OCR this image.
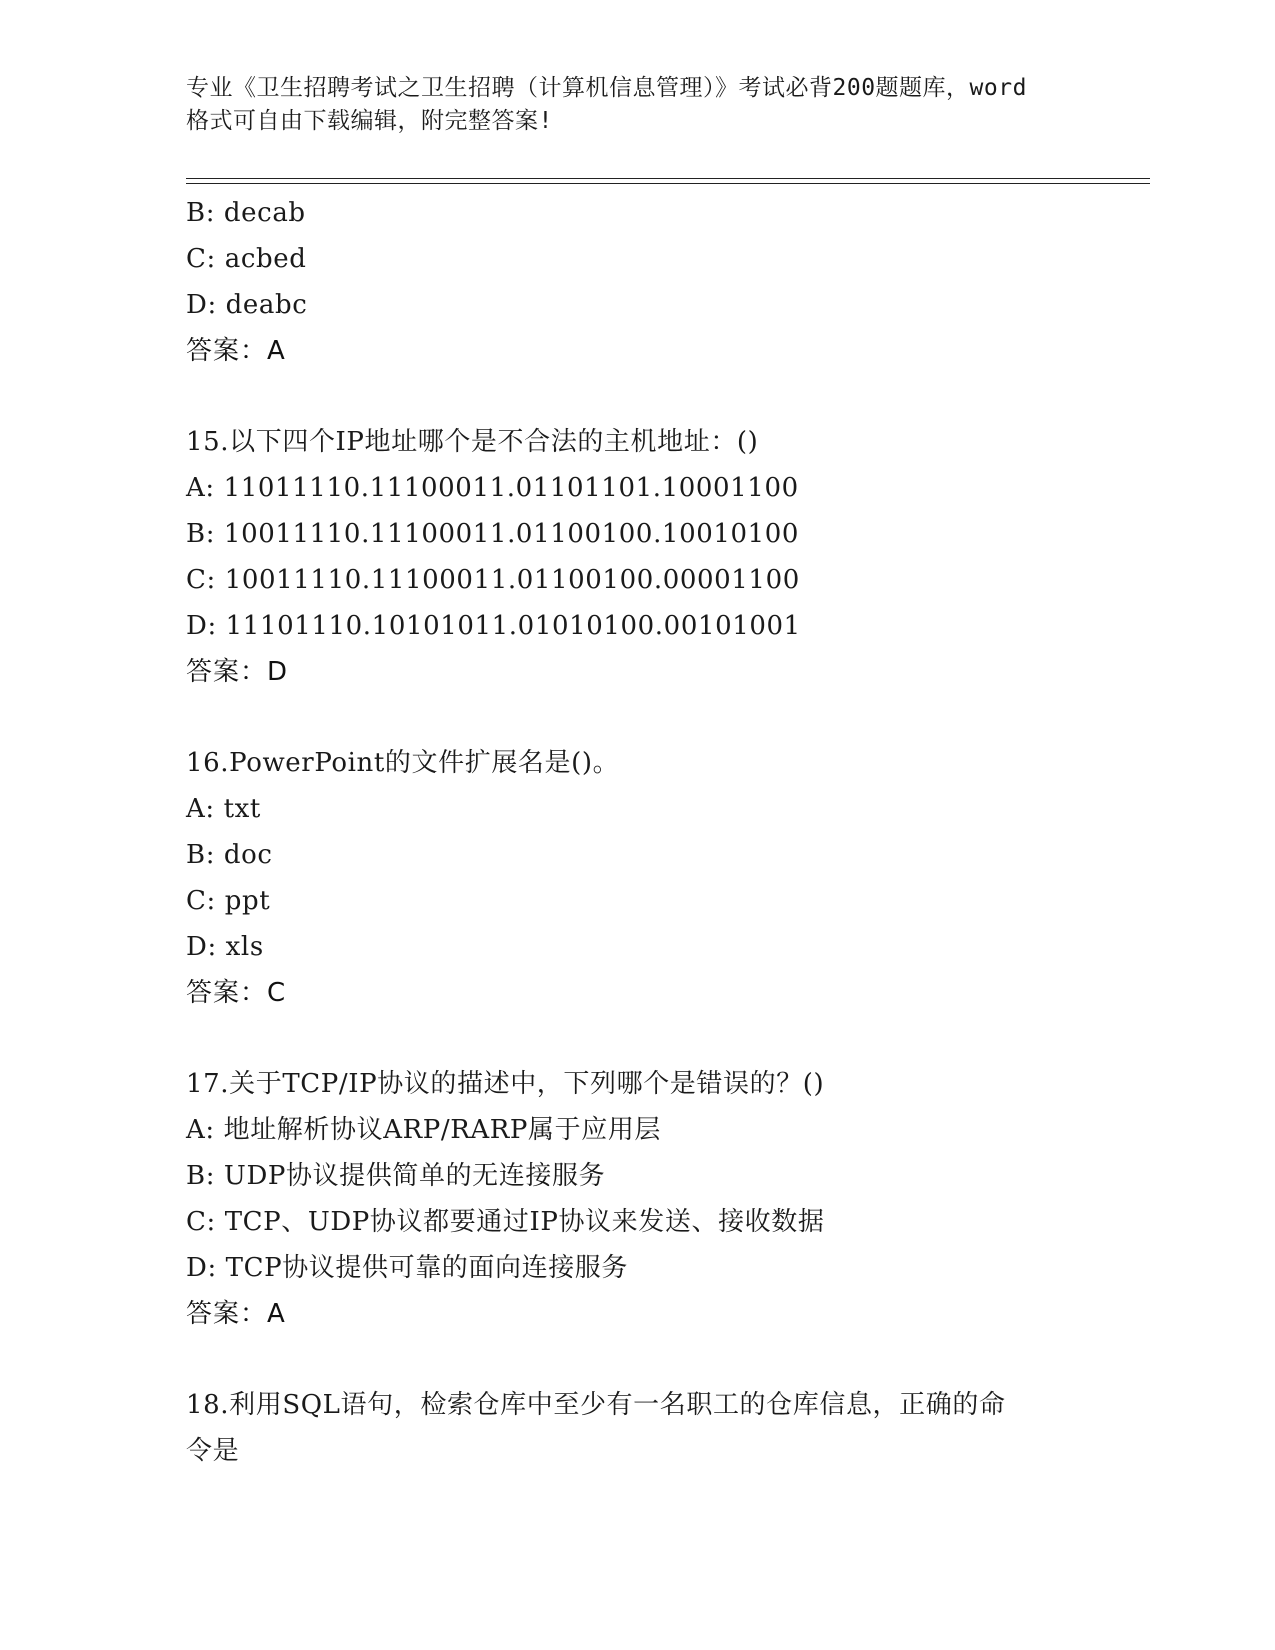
专业《卫生招聘考试之卫生招聘（计算机信息管理）》考试必背200题题库，word
格式可自由下载编辑，附完整答案!
B: decab
C: acbed
D: deabc
答案：A
15.以下四个IP地址哪个是不合法的主机地址：()
A: 11011110.11100011.01101101.10001100
B: 10011110.11100011.01100100.10010100
C: 10011110.11100011.01100100.00001100
D: 11101110.10101011.01010100.00101001
答案：D
16.PowerPoint的文件扩展名是()。
A: txt
B: doc
C: ppt
D: xls
答案：C
17.关于TCP/IP协议的描述中，下列哪个是错误的？()
A: 地址解析协议ARP/RARP属于应用层
B: UDP协议提供简单的无连接服务
C: TCP、UDP协议都要通过IP协议来发送、接收数据
D: TCP协议提供可靠的面向连接服务
答案：A
18.利用SQL语句，检索仓库中至少有一名职工的仓库信息，正确的命
令是
